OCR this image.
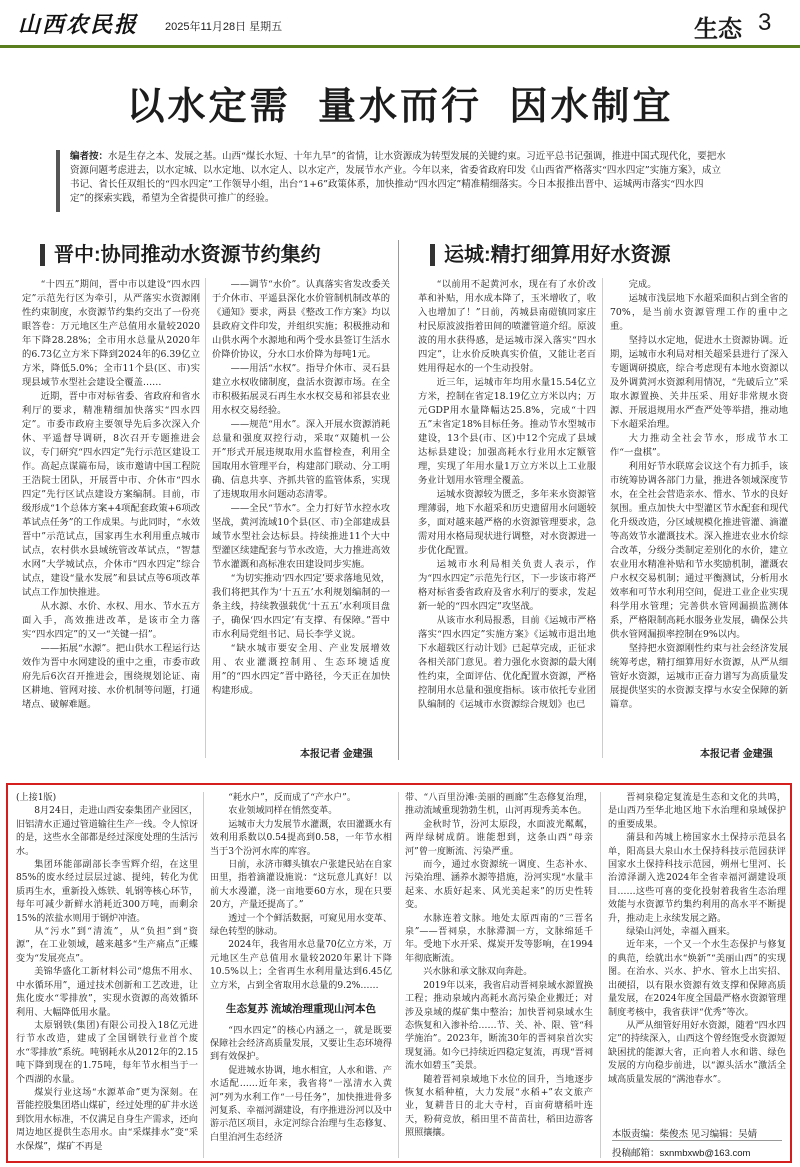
山西农民报 2025年11月28日 星期五	生态 3
以水定需 量水而行 因水制宜
编者按：水是生存之本、发展之基。山西“煤长水短、十年九旱”的省情，让水资源成为转型发展的关键约束。习近平总书记强调，推进中国式现代化，要把水资源问题考虑进去，以水定城、以水定地、以水定人、以水定产，发展节水产业。今年以来，省委省政府印发《山西省严格落实“四水四定”实施方案》，成立书记、省长任双组长的“四水四定”工作领导小组，出台“1+6”政策体系，加快推动“四水四定”精准精细落实。今日本报推出晋中、运城两市落实“四水四定”的探索实践，希望为全省提供可推广的经验。
晋中:协同推动水资源节约集约	运城:精打细算用好水资源

“十四五”期间，晋中市以建设“四水四定”示范先行区为牵引，从严落实水资源刚性约束制度，水资源节约集约交出了一份亮眼答卷：万元地区生产总值用水量较2020年下降28.28%；全市用水总量从2020年的6.73亿立方米下降到2024年的6.39亿立方米，降低5.0%；全市11个县(区、市)实现县域节水型社会建设全覆盖……

近期，晋中市对标省委、省政府和省水利厅的要求，精准精细加快落实“四水四定”。市委市政府主要领导先后多次深入介休、平遥督导调研，8次召开专题推进会议，专门研究“四水四定”先行示范区建设工作。高起点谋篇布局，该市邀请中国工程院王浩院士团队，开展晋中市、介休市“四水四定”先行区试点建设方案编制。目前，市级形成“1个总体方案+4项配套政策+6项改革试点任务”的工作成果。与此同时，“水效晋中”示范试点，国家再生水利用重点城市试点，农村供水县域统管改革试点，“智慧水网”大学城试点，介休市“四水四定”综合试点，建设“量水发展”和县试点等6项改革试点工作加快推进。

从水源、水价、水权、用水、节水五方面入手，高效推进改革，是该市全力落实“四水四定”的又一“关键一招”。

——拓展“水源”。把山供水工程运行达效作为晋中水网建设的重中之重，市委市政府先后6次召开推进会，围绕规划论证、南区耕地、管网对接、水价机制等问题，打通堵点、破解难题。

——调节“水价”。认真落实省发改委关于介休市、平遥县深化水价管制机制改革的《通知》要求，两县《整改工作方案》均以县政府文件印发，并组织实施；积极推动和山供水两个水源地和两个受水县签订生活水价降价协议，分水口水价降为每吨1元。

——用活“水权”。指导介休市、灵石县建立水权收储制度，盘活水资源市场。在全市积极拓展灵石再生水水权交易和祁县农业用水权交易经验。

——规范“用水”。深入开展水资源消耗总量和强度双控行动，采取“双随机一公开”形式开展违规取用水监督检查，利用全国取用水管理平台，构建部门联动、分工明确、信息共享、齐抓共管的监管体系，实现了违规取用水问题动态清零。

——全民“节水”。全力打好节水控水攻坚战，黄河流域10个县(区、市)全部建成县域节水型社会达标县。持续推进11个大中型灌区续建配套与节水改造，大力推进高效节水灌溉和高标准农田建设同步实施。

“为切实推动‘四水四定’要求落地见效，我们将把其作为‘十五五’水利规划编制的一条主线，持续教强载优‘十五五’水利项目盘子，确保‘四水四定’有支撑、有保障。”晋中市水利局党组书记、局长李学义说。

“缺水城市要安全用、产业发展增效用、农业灌溉控制用、生态环境适度用”的“四水四定”晋中路径，今天正在加快构建形成。

本报记者 金建强

“以前用不起黄河水，现在有了水价改革和补贴，用水成本降了，玉米增收了，收入也增加了！”日前，芮城县南磑镇同家庄村民原波波指着田间的喷灌管道介绍。原波波的用水获得感，是运城市深入落实“四水四定”，让水价反映真实价值，又能让老百姓用得起水的一个生动投射。

近三年，运城市年均用水量15.54亿立方米，控制在省定18.19亿立方米以内；万元GDP用水量降幅达25.8%，完成“十四五”末省定18%目标任务。推动节水型城市建设，13个县(市、区)中12个完成了县域达标县建设；加强高耗水行业用水定额管理，实现了年用水量1万立方米以上工业服务业计划用水管理全覆盖。

运城水资源较为匮乏，多年来水资源管理薄弱，地下水超采和历史遗留用水问题较多，面对越来越严格的水资源管理要求，急需对用水格局现状进行调整，对水资源进一步优化配置。

运城市水利局相关负责人表示，作为“四水四定”示范先行区，下一步该市将严格对标省委省政府及省水利厅的要求，发起新一轮的“四水四定”攻坚战。

从该市水利局报悉，目前《运城市严格落实“四水四定”实施方案》《运城市退出地下水超载区行动计划》已起草完成，正征求各相关部门意见。着力强化水资源的最大刚性约束，全面评估、优化配置水资源，严格控制用水总量和强度指标。该市依托专业团队编制的《运城市水资源综合规划》也已

完成。

运城市浅层地下水超采面积占到全省的70%，是当前水资源管理工作的重中之重。

坚持以水定地，促进水土资源协调。近期，运城市水利局对相关超采县进行了深入专题调研摸底，综合考虑现有本地水资源以及外调黄河水资源利用情况，“先破后立”采取水源置换、关井压采、用好非常规水资源、开展退规用水严查严处等举措，推动地下水超采治理。

大力推动全社会节水，形成节水工作“一盘棋”。

利用好节水联席会议这个有力抓手，该市统筹协调各部门力量，推进各领域深度节水，在全社会营造亲水、惜水、节水的良好氛围。重点加快大中型灌区节水配套和现代化升级改造，分区域规模化推进管灌、滴灌等高效节水灌溉技术。深入推进农业水价综合改革，分级分类制定差别化的水价，建立农业用水精准补贴和节水奖励机制，灌溉农户水权交易机制；通过平衡测试，分析用水效率和可节水利用空间，促进工业企业实现科学用水管理；完善供水管网漏损监测体系，严格限制高耗水服务业发展，确保公共供水管网漏损率控制在9%以内。

坚持把水资源刚性约束与社会经济发展统筹考虑，精打细算用好水资源，从严从细管好水资源，运城市正奋力谱写为高质量发展提供坚实的水资源支撑与水安全保障的新篇章。

本报记者 金建强

(上接1版)

8月24日，走进山西安泰集团产业园区，旧铝清水正通过管道输往生产一线。令人惊讶的是，这些水全部都是经过深度处理的生活污水。

集团环能部副部长李雪辉介绍，在这里85%的废水经过层层过滤、提纯，转化为优质再生水，重新投入炼铁、轧钢等核心环节，每年可减少新鲜水消耗近300万吨，而剩余15%的浓盐水则用于钢炉冲渣。

从“污水”到“清流”，从“负担”到“资源”，在工业领域，越来越多“生产痛点”正蝶变为“发展亮点”。

美锦华盛化工新材料公司“熄焦不用水、中水循环用”，通过技术创新和工艺改进，让焦化废水“零排放”，实现水资源的高效循环利用、大幅降低用水量。

太原钢铁(集团)有限公司投入18亿元进行节水改造，建成了全国钢铁行业首个废水“零排放”系统。吨钢耗水从2012年的2.15吨下降到现在的1.75吨，每年节水相当于一个西湖的水量。

煤炭行业这场“水源革命”更为深刻。在晋能控股集团塔山煤矿，经过处理的矿井水送到饮用水标准，不仅满足自身生产需求，还向周边地区提供生态用水。由“采煤排水”变“采水保煤”，煤矿不再是

“耗水户”，反而成了“产水户”。

农业领域同样在悄然变革。

运城市大力发展节水灌溉，农田灌溉水有效利用系数以0.54提高到0.58，一年节水相当于3个汾河水库的库容。

日前，永济市卿头镇农户张建民站在自家田里，指着滴灌设施说：“这玩意儿真好！以前大水漫灌，浇一亩地要60方水，现在只要20方，产量还提高了。”

透过一个个鲜活数据，可窥见用水变革、绿色转型的脉动。

2024年，我省用水总量70亿立方米，万元地区生产总值用水量较2020年累计下降10.5%以上；全省再生水利用量达到6.45亿立方米，占到全省取用水总量的9.2%……

生态复苏 流域治理重现山河本色

“四水四定”的核心内涵之一，就是既要保障社会经济高质量发展，又要让生态环境得到有效保护。

促进城水协调，地水相宜，人水和谐、产水适配……近年来，我省将“一泓清水入黄河”列为水利工作“一号任务”，加快推进骨多河复系、幸福河湖建设，有序推进汾河以及中游示范区项目，永定河综合治理与生态修复、白里泊河生态经济

带、“八百里汾滩·美丽的画廊”生态修复治理，推动流域重现勃勃生机，山河再现秀美本色。

金秋时节，汾河太原段，水面波光粼粼，两岸绿树成荫。谁能想到，这条山西“母亲河”曾一度断流、污染严重。

而今，通过水资源统一调度、生态补水、污染治理、涵养水源等措施，汾河实现“水量丰起来、水质好起来、风光美起来”的历史性转变。

水脉连着文脉。地处太原西南的“三晋名泉”——晋祠泉，水脉滞涸一方，文脉绵延千年。受地下水开采、煤炭开发等影响，在1994年彻底断流。

兴水脉和承文脉双向奔赴。

2019年以来，我省启动晋祠泉域水源置换工程；推动泉域内高耗水高污染企业搬迁；对涉及泉域的煤矿集中整治；加快晋祠泉域水生态恢复和入渗补给……节、关、补、限、管“科学施治”。2023年，断流30年的晋祠泉首次实现复涌。如今已持续近四稳定复流，再现“晋祠流水如碧玉”美景。

随着晋祠泉域地下水位的回升，当地逐步恢复水稻种植，大力发展“水稻+”农文旅产业，复耕昔日的北大寺村，百亩荷塘稻叶连天，粉荷竞放，稻田里不苗苗壮，稻田边游客照照攘攘。

晋祠泉稳定复流是生态和文化的共鸣，是山西乃至华北地区地下水治理和泉域保护的重要成果。

蒲县和芮城上榜国家水土保持示范县名单，阳高县大泉山水土保持科技示范园获评国家水土保持科技示范园，朔州七里河、长治漳泽湖入选2024年全省幸福河湖建设项目……这些可喜的变化投射着我省生态治理效能与水资源节约集约利用的高水平不断提升，推动走上永续发展之路。

绿染山河处，幸福入画来。

近年来，一个又一个水生态保护与修复的典范，绘就出水“焕新”“美丽山西”的实现图。在治水、兴水、护水、管水上出实招、出硬招，以有限水资源有效支撑和保障高质量发展，在2024年度全国最严格水资源管理制度考核中，我省获评“优秀”等次。

从严从细管好用好水资源，随着“四水四定”的持续深入，山西这个曾经饱受水资源短缺困扰的能源大省，正向着人水和谐、绿色发展的方向稳步前进，以“源头活水”激活全域高质量发展的“满池春水”。

本版责编：柴俊杰 见习编辑：吴婧
投稿邮箱：sxnmbxwb@163.com
